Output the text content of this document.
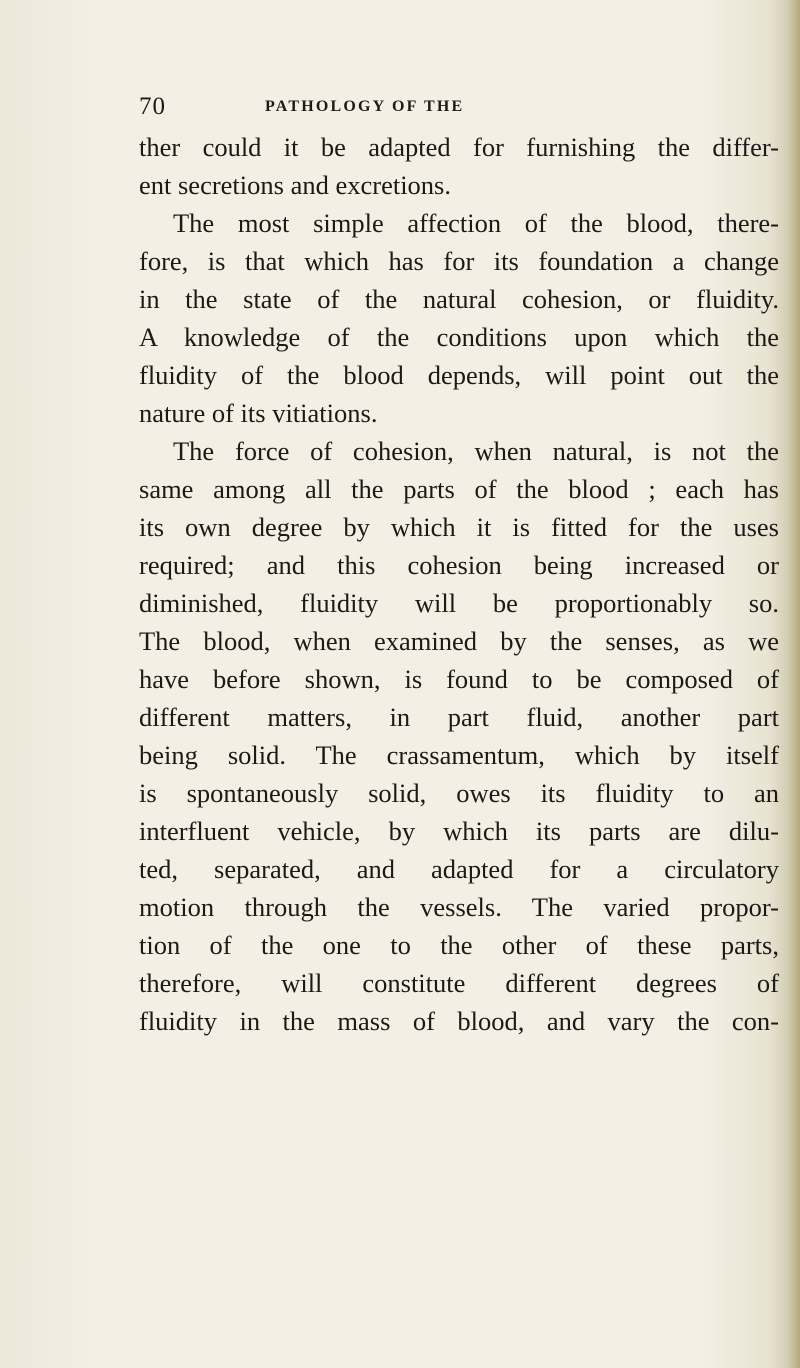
70	PATHOLOGY OF THE
ther could it be adapted for furnishing the differ-
ent secretions and excretions.
The most simple affection of the blood, there-
fore, is that which has for its foundation a change
in the state of the natural cohesion, or fluidity.
A knowledge of the conditions upon which the
fluidity of the blood depends, will point out the
nature of its vitiations.
The force of cohesion, when natural, is not the
same among all the parts of the blood ; each has
its own degree by which it is fitted for the uses
required; and this cohesion being increased or
diminished, fluidity will be proportionably so.
The blood, when examined by the senses, as we
have before shown, is found to be composed of
different matters, in part fluid, another part
being solid. The crassamentum, which by itself
is spontaneously solid, owes its fluidity to an
interfluent vehicle, by which its parts are dilu-
ted, separated, and adapted for a circulatory
motion through the vessels. The varied propor-
tion of the one to the other of these parts,
therefore, will constitute different degrees of
fluidity in the mass of blood, and vary the con-
